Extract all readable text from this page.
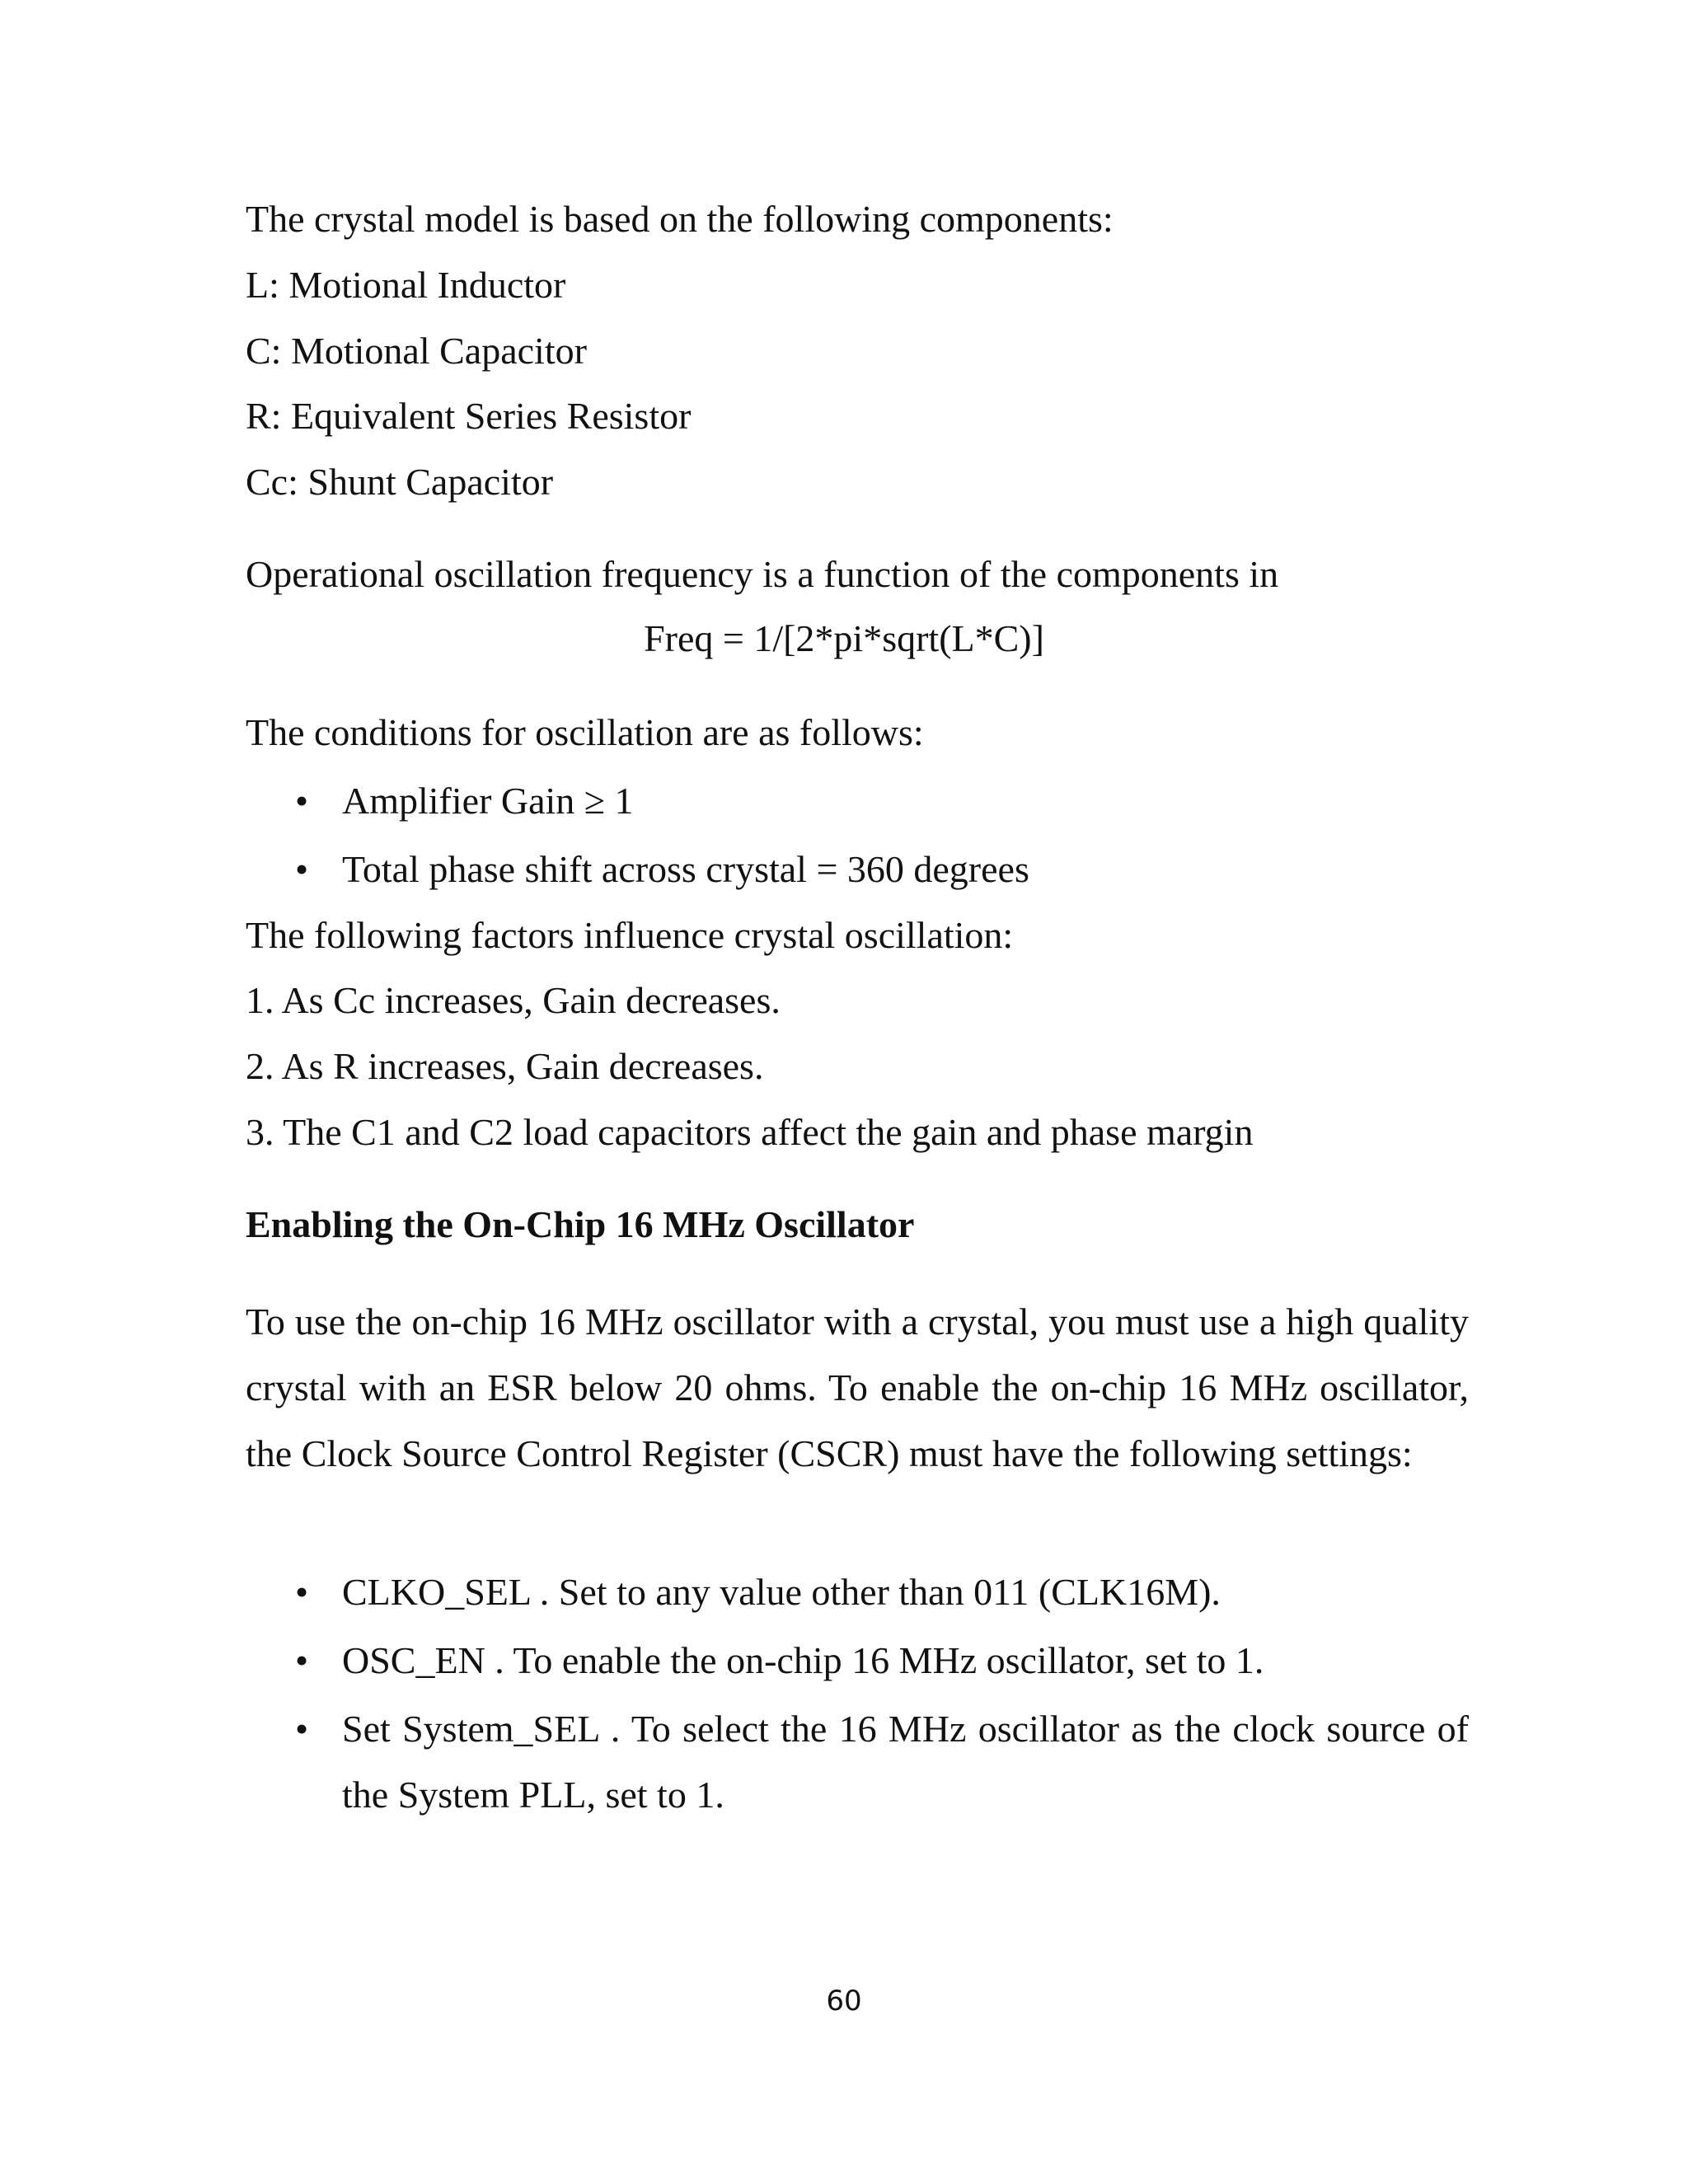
The crystal model is based on the following components:
L: Motional Inductor
C: Motional Capacitor
R: Equivalent Series Resistor
Cc: Shunt Capacitor
Operational oscillation frequency is a function of the components in
Freq = 1/[2*pi*sqrt(L*C)]
The conditions for oscillation are as follows:
• Amplifier Gain ≥ 1
• Total phase shift across crystal = 360 degrees
The following factors influence crystal oscillation:
1. As Cc increases, Gain decreases.
2. As R increases, Gain decreases.
3. The C1 and C2 load capacitors affect the gain and phase margin
Enabling the On-Chip 16 MHz Oscillator
To use the on-chip 16 MHz oscillator with a crystal, you must use a high quality crystal with an ESR below 20 ohms. To enable the on-chip 16 MHz oscillator, the Clock Source Control Register (CSCR) must have the following settings:
• CLKO_SEL . Set to any value other than 011 (CLK16M).
• OSC_EN . To enable the on-chip 16 MHz oscillator, set to 1.
• Set System_SEL . To select the 16 MHz oscillator as the clock source of the System PLL, set to 1.
60
